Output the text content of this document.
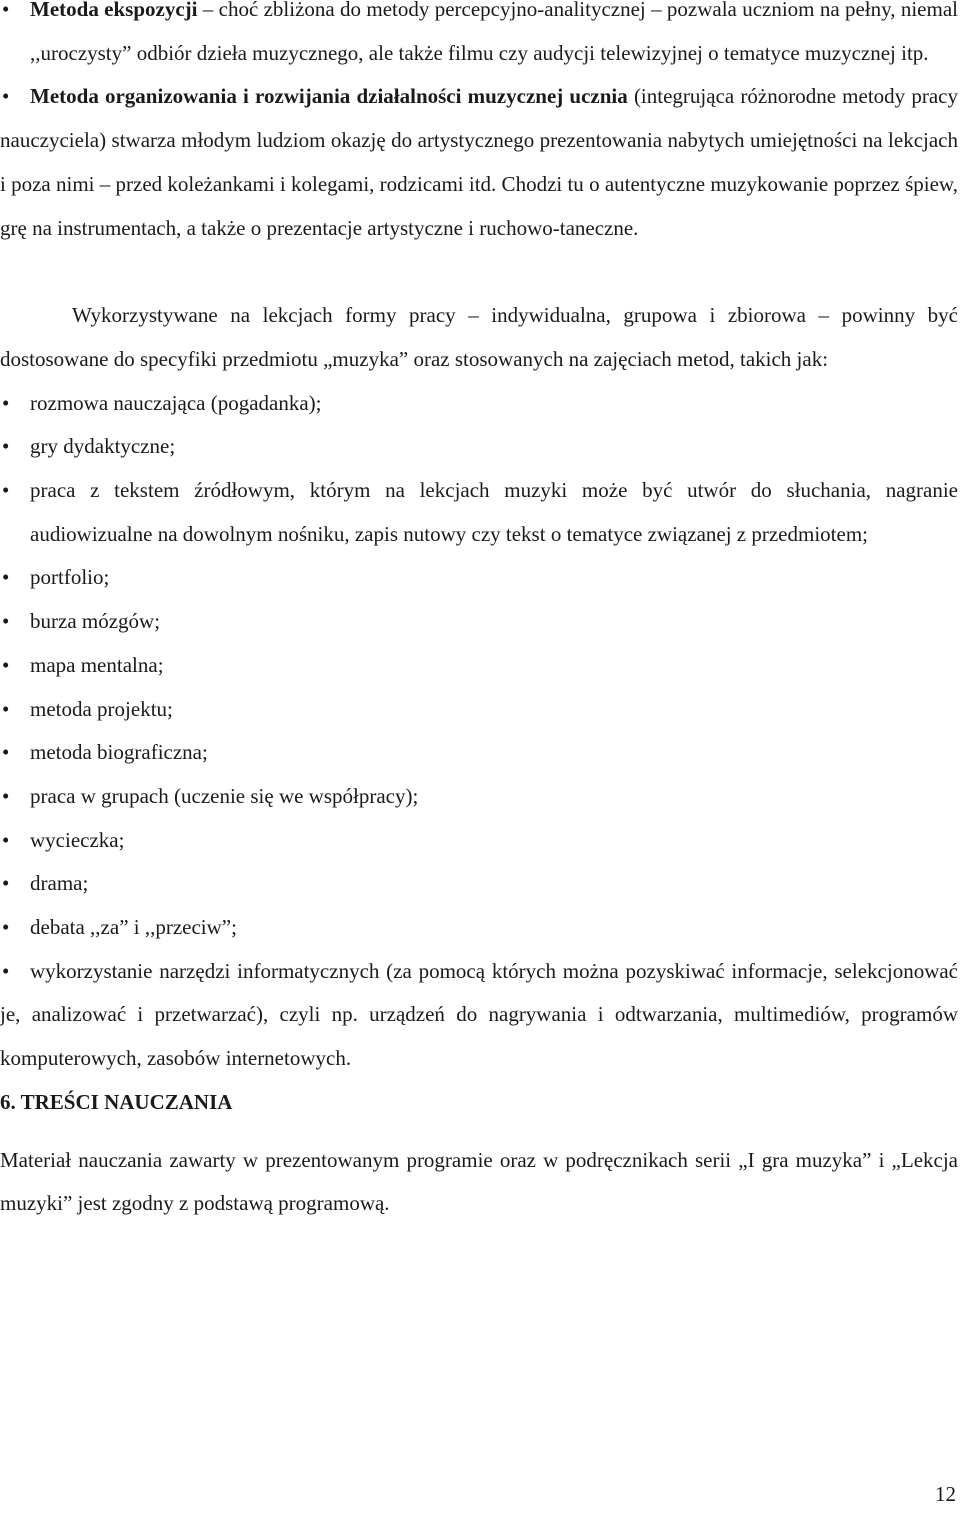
• Metoda ekspozycji – choć zbliżona do metody percepcyjno-analitycznej – pozwala uczniom na pełny, niemal ,,uroczysty” odbiór dzieła muzycznego, ale także filmu czy audycji telewizyjnej o tematyce muzycznej itp.

• Metoda organizowania i rozwijania działalności muzycznej ucznia (integrująca różnorodne metody pracy nauczyciela) stwarza młodym ludziom okazję do artystycznego prezentowania nabytych umiejętności na lekcjach i poza nimi – przed koleżankami i kolegami, rodzicami itd. Chodzi tu o autentyczne muzykowanie poprzez śpiew, grę na instrumentach, a także o prezentacje artystyczne i ruchowo-taneczne.

Wykorzystywane na lekcjach formy pracy – indywidualna, grupowa i zbiorowa – powinny być dostosowane do specyfiki przedmiotu „muzyka” oraz stosowanych na zajęciach metod, takich jak:

• rozmowa nauczająca (pogadanka);
• gry dydaktyczne;
• praca z tekstem źródłowym, którym na lekcjach muzyki może być utwór do słuchania, nagranie audiowizualne na dowolnym nośniku, zapis nutowy czy tekst o tematyce związanej z przedmiotem;
• portfolio;
• burza mózgów;
• mapa mentalna;
• metoda projektu;
• metoda biograficzna;
• praca w grupach (uczenie się we współpracy);
• wycieczka;
• drama;
• debata ,,za” i ,,przeciw”;
• wykorzystanie narzędzi informatycznych (za pomocą których można pozyskiwać informacje, selekcjonować je, analizować i przetwarzać), czyli np. urządzeń do nagrywania i odtwarzania, multimediów, programów komputerowych, zasobów internetowych.

6. TREŚCI NAUCZANIA

Materiał nauczania zawarty w prezentowanym programie oraz w podręcznikach serii „I gra muzyka” i „Lekcja muzyki” jest zgodny z podstawą programową.

12
